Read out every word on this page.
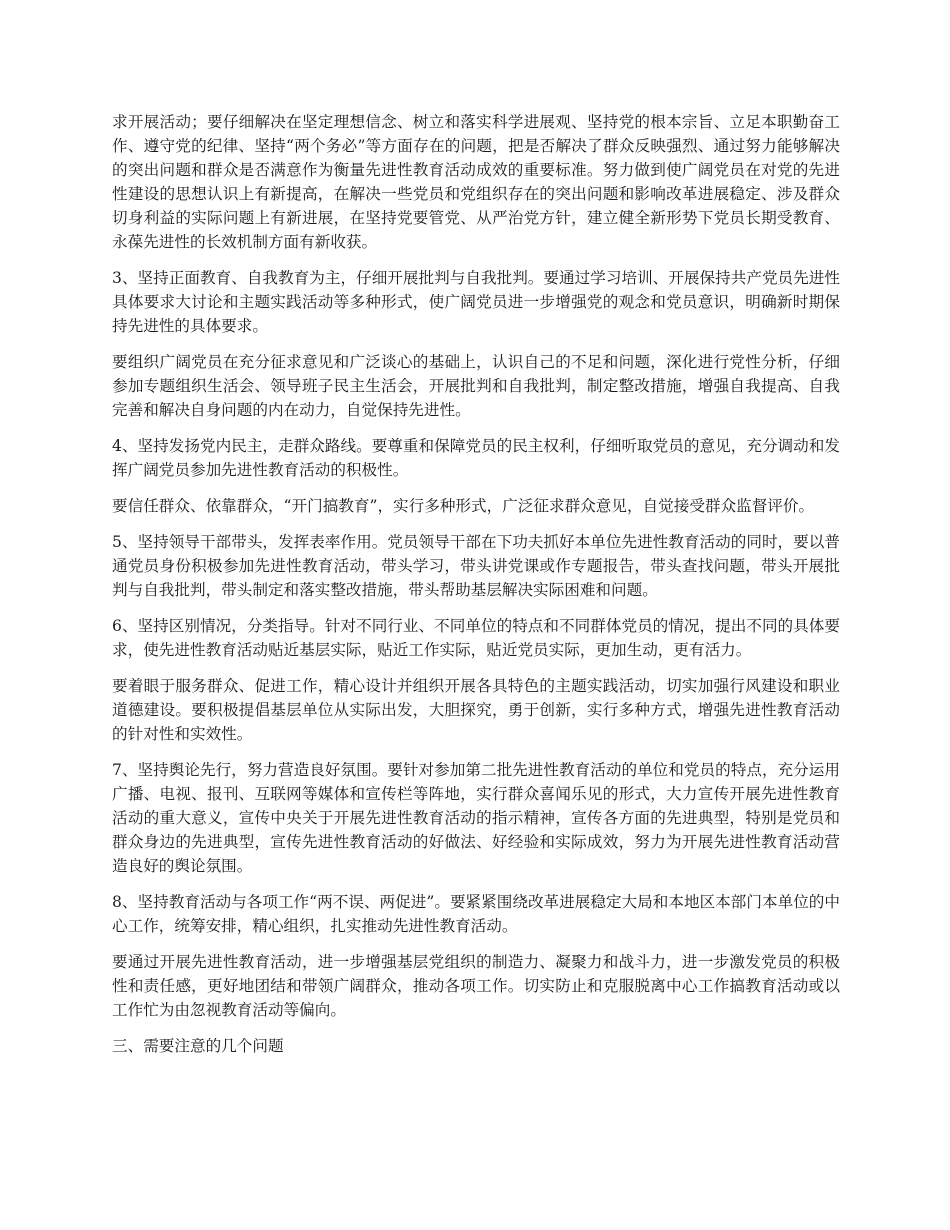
求开展活动；要仔细解决在坚定理想信念、树立和落实科学进展观、坚持党的根本宗旨、立足本职勤奋工作、遵守党的纪律、坚持“两个务必”等方面存在的问题，把是否解决了群众反映强烈、通过努力能够解决的突出问题和群众是否满意作为衡量先进性教育活动成效的重要标准。努力做到使广阔党员在对党的先进性建设的思想认识上有新提高，在解决一些党员和党组织存在的突出问题和影响改革进展稳定、涉及群众切身利益的实际问题上有新进展，在坚持党要管党、从严治党方针，建立健全新形势下党员长期受教育、永葆先进性的长效机制方面有新收获。

3、坚持正面教育、自我教育为主，仔细开展批判与自我批判。要通过学习培训、开展保持共产党员先进性具体要求大讨论和主题实践活动等多种形式，使广阔党员进一步增强党的观念和党员意识，明确新时期保持先进性的具体要求。

要组织广阔党员在充分征求意见和广泛谈心的基础上，认识自己的不足和问题，深化进行党性分析，仔细参加专题组织生活会、领导班子民主生活会，开展批判和自我批判，制定整改措施，增强自我提高、自我完善和解决自身问题的内在动力，自觉保持先进性。

4、坚持发扬党内民主，走群众路线。要尊重和保障党员的民主权利，仔细听取党员的意见，充分调动和发挥广阔党员参加先进性教育活动的积极性。

要信任群众、依靠群众，“开门搞教育”，实行多种形式，广泛征求群众意见，自觉接受群众监督评价。

5、坚持领导干部带头，发挥表率作用。党员领导干部在下功夫抓好本单位先进性教育活动的同时，要以普通党员身份积极参加先进性教育活动，带头学习，带头讲党课或作专题报告，带头查找问题，带头开展批判与自我批判，带头制定和落实整改措施，带头帮助基层解决实际困难和问题。

6、坚持区别情况，分类指导。针对不同行业、不同单位的特点和不同群体党员的情况，提出不同的具体要求，使先进性教育活动贴近基层实际，贴近工作实际，贴近党员实际，更加生动，更有活力。

要着眼于服务群众、促进工作，精心设计并组织开展各具特色的主题实践活动，切实加强行风建设和职业道德建设。要积极提倡基层单位从实际出发，大胆探究，勇于创新，实行多种方式，增强先进性教育活动的针对性和实效性。

7、坚持舆论先行，努力营造良好氛围。要针对参加第二批先进性教育活动的单位和党员的特点，充分运用广播、电视、报刊、互联网等媒体和宣传栏等阵地，实行群众喜闻乐见的形式，大力宣传开展先进性教育活动的重大意义，宣传中央关于开展先进性教育活动的指示精神，宣传各方面的先进典型，特别是党员和群众身边的先进典型，宣传先进性教育活动的好做法、好经验和实际成效，努力为开展先进性教育活动营造良好的舆论氛围。

8、坚持教育活动与各项工作“两不误、两促进”。要紧紧围绕改革进展稳定大局和本地区本部门本单位的中心工作，统筹安排，精心组织，扎实推动先进性教育活动。

要通过开展先进性教育活动，进一步增强基层党组织的制造力、凝聚力和战斗力，进一步激发党员的积极性和责任感，更好地团结和带领广阔群众，推动各项工作。切实防止和克服脱离中心工作搞教育活动或以工作忙为由忽视教育活动等偏向。

三、需要注意的几个问题
